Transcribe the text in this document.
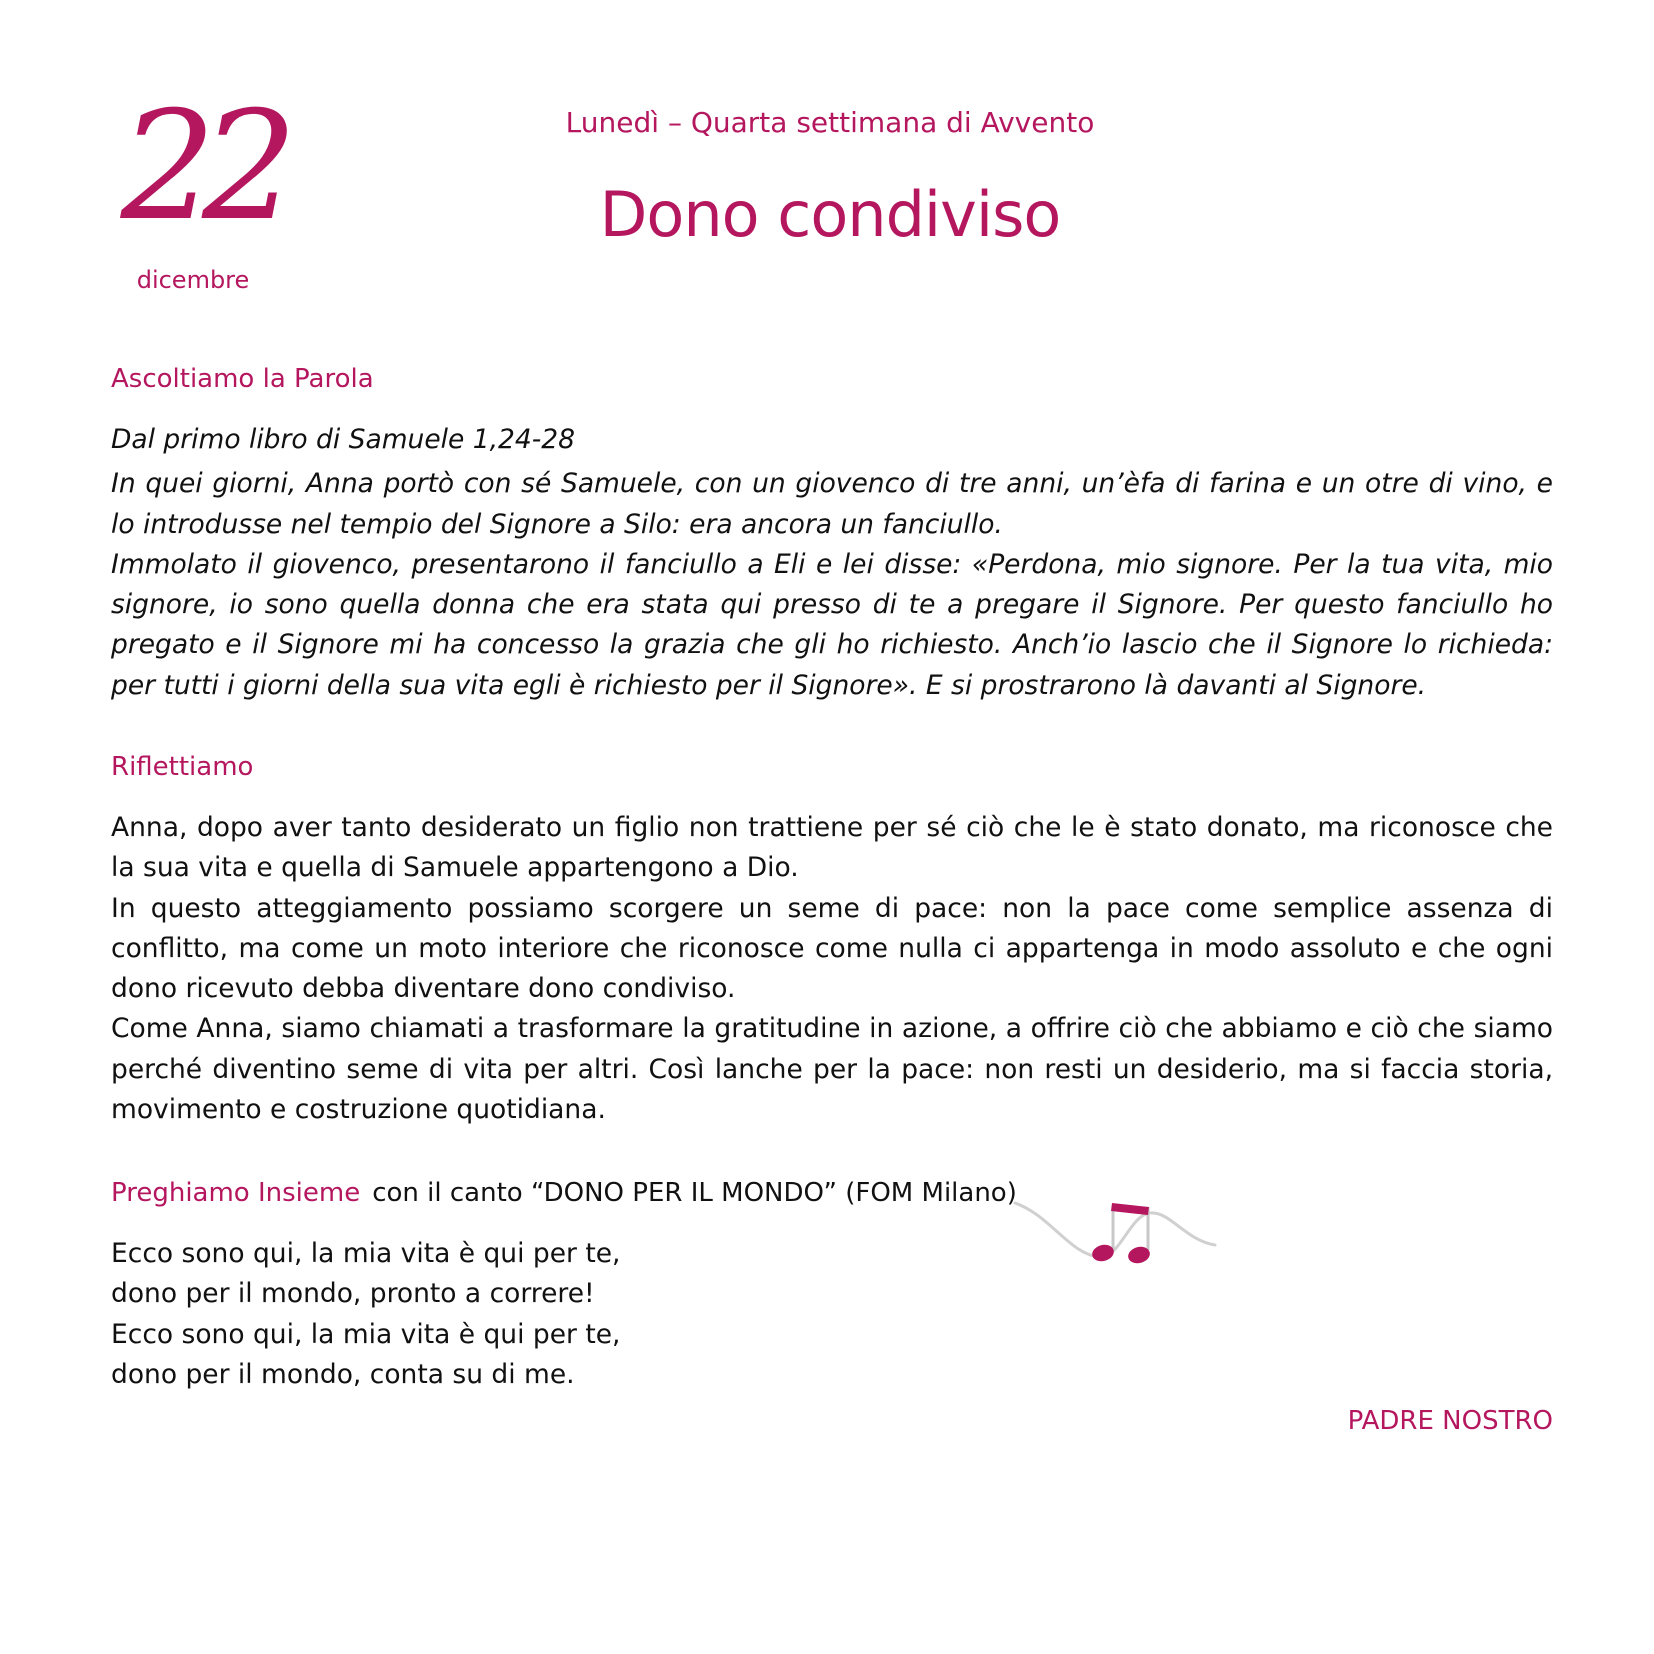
22
dicembre
Lunedì – Quarta settimana di Avvento
Dono condiviso
Ascoltiamo la Parola

Dal primo libro di Samuele 1,24-28

In quei giorni, Anna portò con sé Samuele, con un giovenco di tre anni, un’èfa di farina e un otre di vino, e lo introdusse nel tempio del Signore a Silo: era ancora un fanciullo.

Immolato il giovenco, presentarono il fanciullo a Eli e lei disse: «Perdona, mio signore. Per la tua vita, mio signore, io sono quella donna che era stata qui presso di te a pregare il Signore. Per questo fanciullo ho pregato e il Signore mi ha concesso la grazia che gli ho richiesto. Anch’io lascio che il Signore lo richieda: per tutti i giorni della sua vita egli è richiesto per il Signore». E si prostrarono là davanti al Signore.

Riflettiamo

Anna, dopo aver tanto desiderato un figlio non trattiene per sé ciò che le è stato donato, ma riconosce che la sua vita e quella di Samuele appartengono a Dio.

In questo atteggiamento possiamo scorgere un seme di pace: non la pace come semplice assenza di conflitto, ma come un moto interiore che riconosce come nulla ci appartenga in modo assoluto e che ogni dono ricevuto debba diventare dono condiviso.

Come Anna, siamo chiamati a trasformare la gratitudine in azione, a offrire ciò che abbiamo e ciò che siamo perché diventino seme di vita per altri. Così lanche per la pace: non resti un desiderio, ma si faccia storia, movimento e costruzione quotidiana.

Preghiamo Insieme con il canto “DONO PER IL MONDO” (FOM Milano)
Ecco sono qui, la mia vita è qui per te,
dono per il mondo, pronto a correre!
Ecco sono qui, la mia vita è qui per te,
dono per il mondo, conta su di me.
PADRE NOSTRO
